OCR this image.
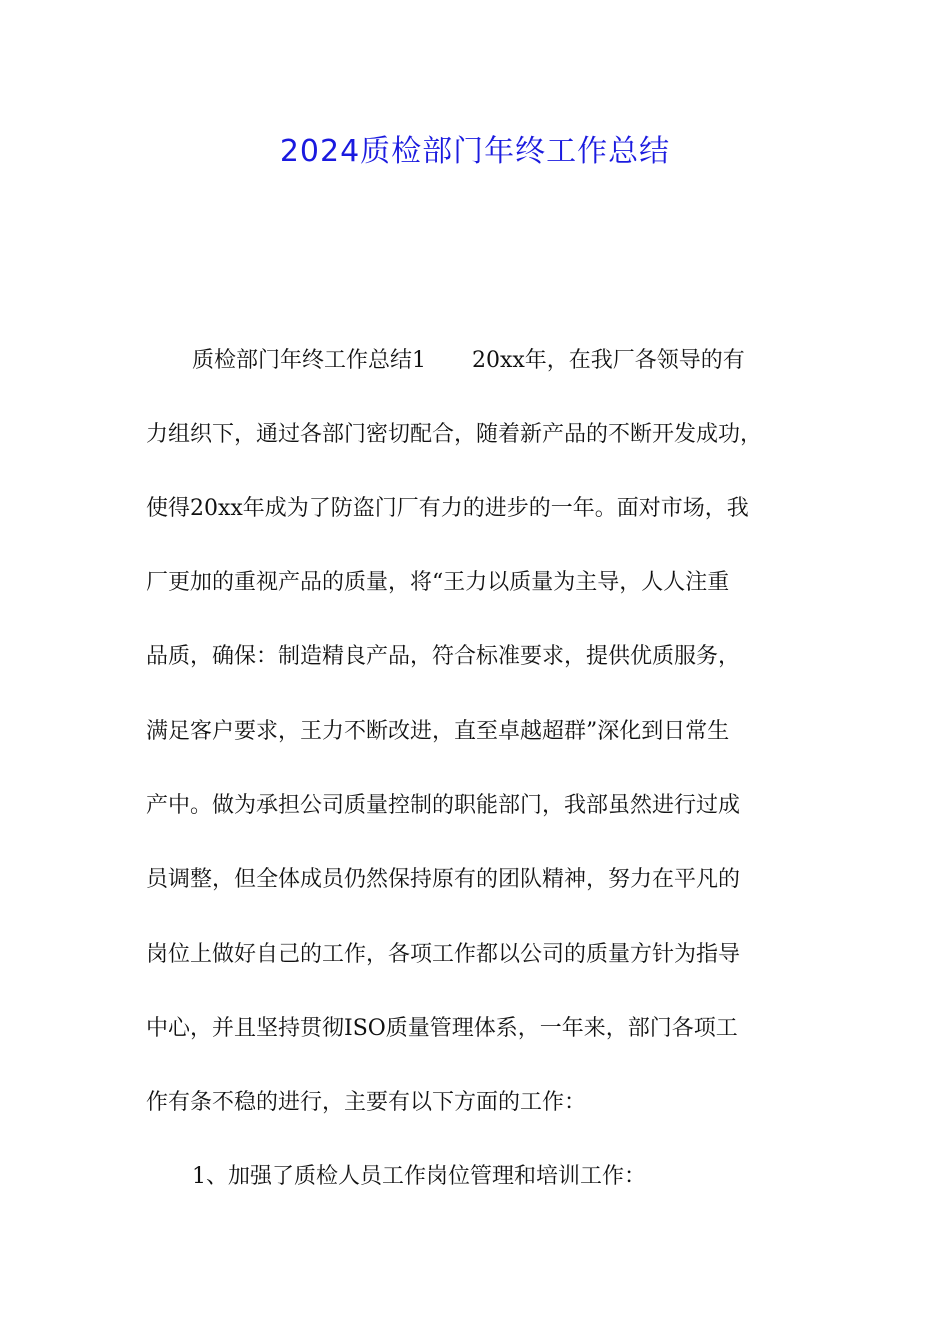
2024质检部门年终工作总结
质检部门年终工作总结1 20xx年，在我厂各领导的有
力组织下，通过各部门密切配合，随着新产品的不断开发成功，
使得20xx年成为了防盗门厂有力的进步的一年。面对市场，我
厂更加的重视产品的质量，将“王力以质量为主导，人人注重
品质，确保：制造精良产品，符合标准要求，提供优质服务，
满足客户要求，王力不断改进，直至卓越超群”深化到日常生
产中。做为承担公司质量控制的职能部门，我部虽然进行过成
员调整，但全体成员仍然保持原有的团队精神，努力在平凡的
岗位上做好自己的工作，各项工作都以公司的质量方针为指导
中心，并且坚持贯彻ISO质量管理体系，一年来，部门各项工
作有条不稳的进行，主要有以下方面的工作：
1、加强了质检人员工作岗位管理和培训工作：
